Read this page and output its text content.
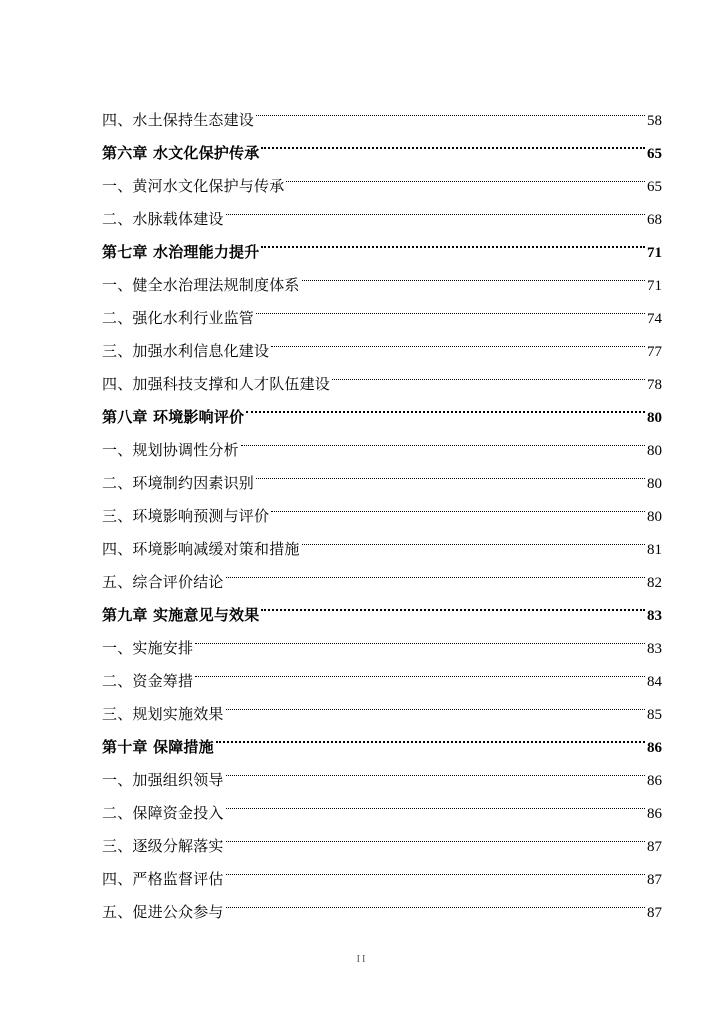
四、水土保持生态建设	58
第六章 水文化保护传承	65
一、黄河水文化保护与传承	65
二、水脉载体建设	68
第七章 水治理能力提升	71
一、健全水治理法规制度体系	71
二、强化水利行业监管	74
三、加强水利信息化建设	77
四、加强科技支撑和人才队伍建设	78
第八章 环境影响评价	80
一、规划协调性分析	80
二、环境制约因素识别	80
三、环境影响预测与评价	80
四、环境影响减缓对策和措施	81
五、综合评价结论	82
第九章 实施意见与效果	83
一、实施安排	83
二、资金筹措	84
三、规划实施效果	85
第十章 保障措施	86
一、加强组织领导	86
二、保障资金投入	86
三、逐级分解落实	87
四、严格监督评估	87
五、促进公众参与	87
II
